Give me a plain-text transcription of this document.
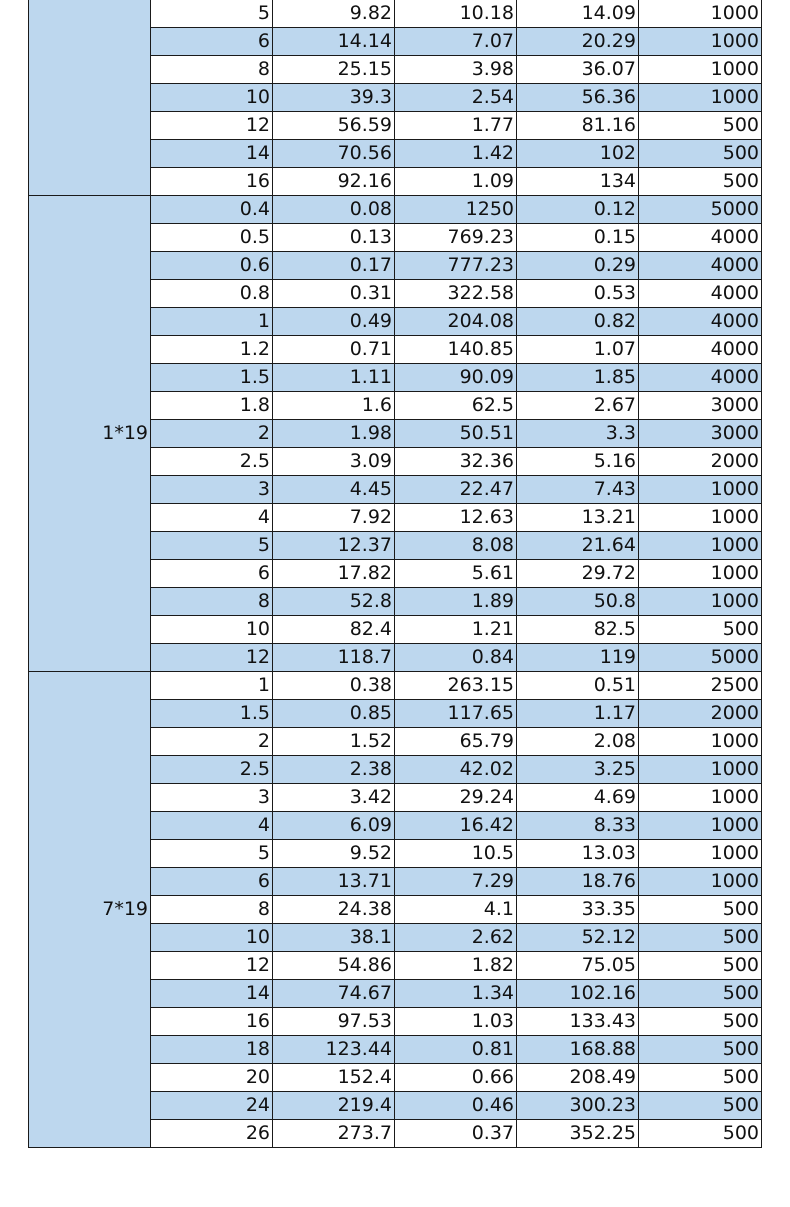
	5	9.82	10.18	14.09	1000
	6	14.14	7.07	20.29	1000
	8	25.15	3.98	36.07	1000
	10	39.3	2.54	56.36	1000
	12	56.59	1.77	81.16	500
	14	70.56	1.42	102	500
	16	92.16	1.09	134	500
1*19	0.4	0.08	1250	0.12	5000
	0.5	0.13	769.23	0.15	4000
	0.6	0.17	777.23	0.29	4000
	0.8	0.31	322.58	0.53	4000
	1	0.49	204.08	0.82	4000
	1.2	0.71	140.85	1.07	4000
	1.5	1.11	90.09	1.85	4000
	1.8	1.6	62.5	2.67	3000
	2	1.98	50.51	3.3	3000
	2.5	3.09	32.36	5.16	2000
	3	4.45	22.47	7.43	1000
	4	7.92	12.63	13.21	1000
	5	12.37	8.08	21.64	1000
	6	17.82	5.61	29.72	1000
	8	52.8	1.89	50.8	1000
	10	82.4	1.21	82.5	500
	12	118.7	0.84	119	5000
7*19	1	0.38	263.15	0.51	2500
	1.5	0.85	117.65	1.17	2000
	2	1.52	65.79	2.08	1000
	2.5	2.38	42.02	3.25	1000
	3	3.42	29.24	4.69	1000
	4	6.09	16.42	8.33	1000
	5	9.52	10.5	13.03	1000
	6	13.71	7.29	18.76	1000
	8	24.38	4.1	33.35	500
	10	38.1	2.62	52.12	500
	12	54.86	1.82	75.05	500
	14	74.67	1.34	102.16	500
	16	97.53	1.03	133.43	500
	18	123.44	0.81	168.88	500
	20	152.4	0.66	208.49	500
	24	219.4	0.46	300.23	500
	26	273.7	0.37	352.25	500
